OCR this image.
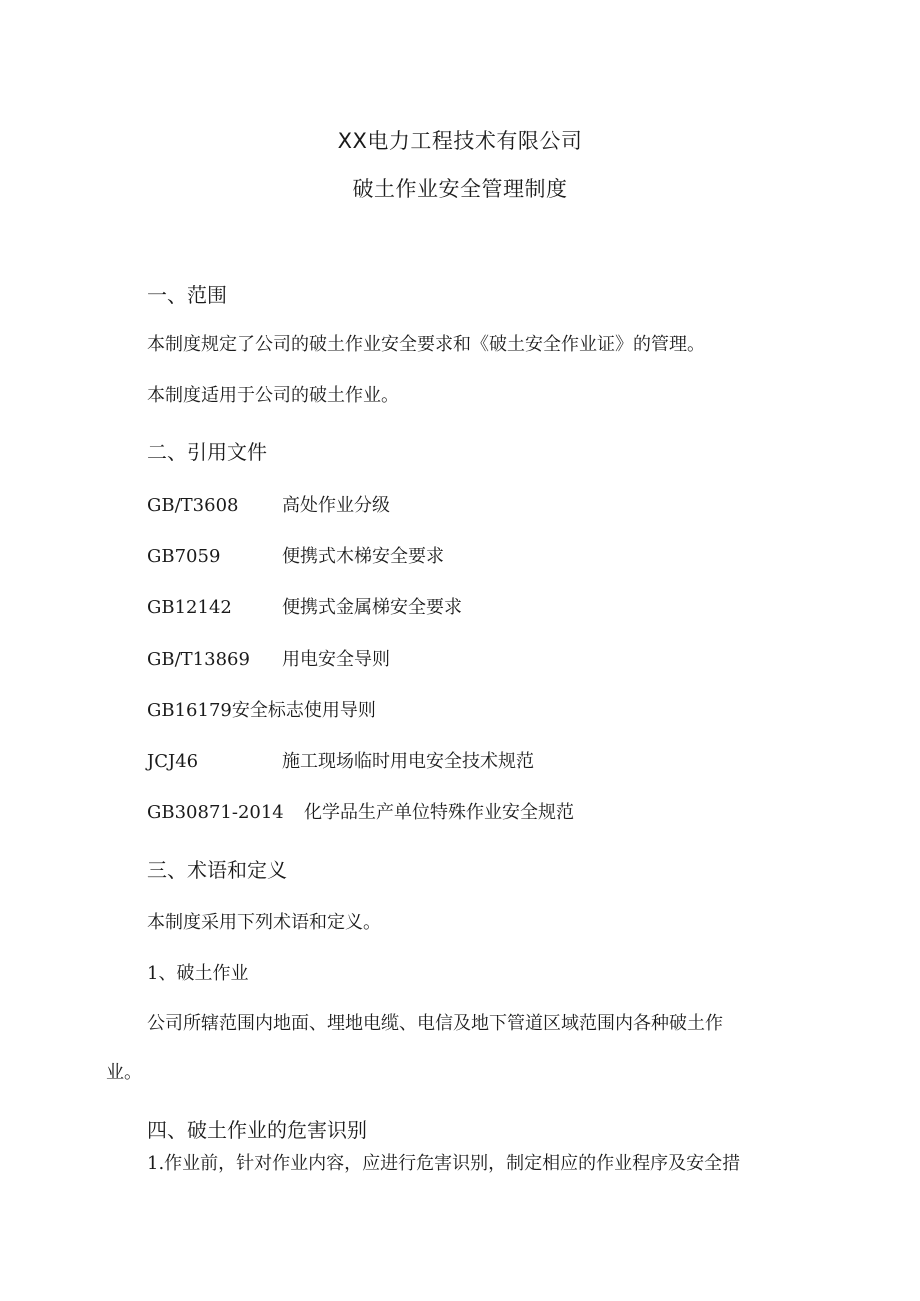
XX电力工程技术有限公司
破土作业安全管理制度
一、范围
本制度规定了公司的破土作业安全要求和《破土安全作业证》的管理。
本制度适用于公司的破土作业。
二、引用文件
GB/T3608 高处作业分级
GB7059	便携式木梯安全要求
GB12142	便携式金属梯安全要求
GB/T13869 用电安全导则
GB16179安全标志使用导则
JCJ46	施工现场临时用电安全技术规范
GB30871-2014 化学品生产单位特殊作业安全规范
三、术语和定义
本制度采用下列术语和定义。
1、破土作业
公司所辖范围内地面、埋地电缆、电信及地下管道区域范围内各种破土作
业。
四、破土作业的危害识别
1.作业前，针对作业内容，应进行危害识别，制定相应的作业程序及安全措
